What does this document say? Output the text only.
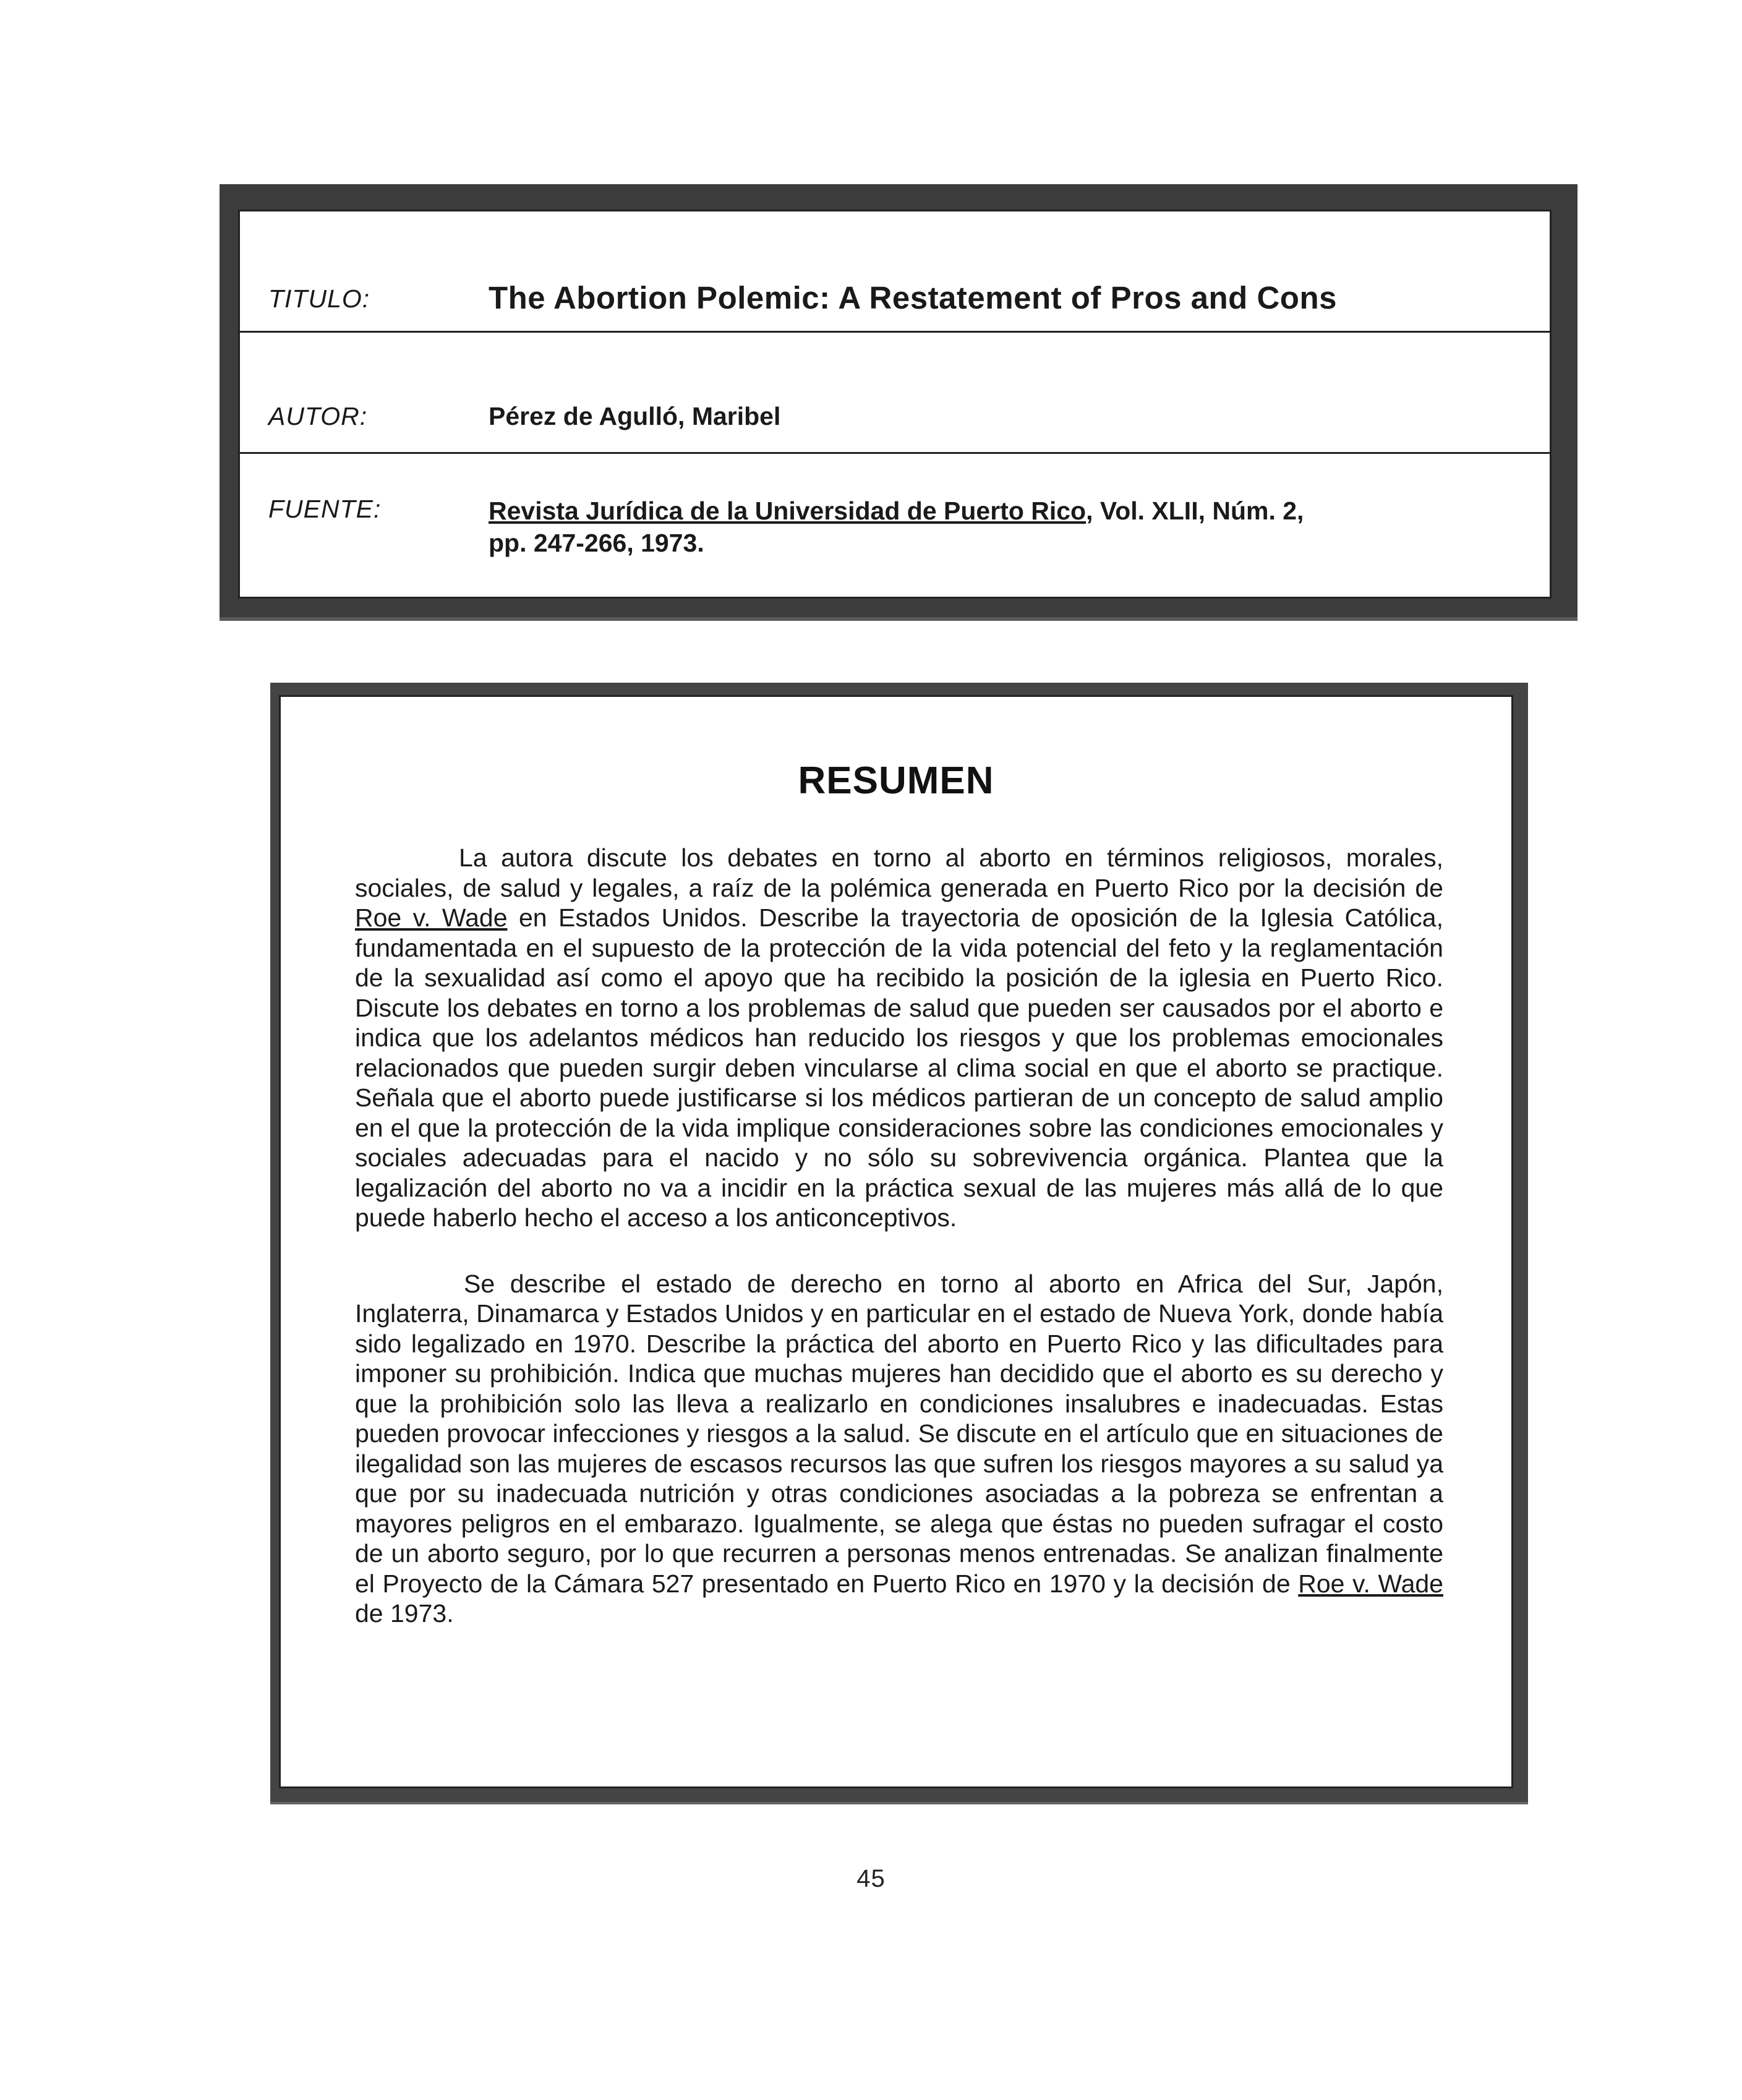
TITULO:	The Abortion Polemic: A Restatement of Pros and Cons
AUTOR:	Pérez de Agulló, Maribel
FUENTE:	Revista Jurídica de la Universidad de Puerto Rico, Vol. XLII, Núm. 2,
pp. 247-266, 1973.
RESUMEN

La autora discute los debates en torno al aborto en términos religiosos, morales, sociales, de salud y legales, a raíz de la polémica generada en Puerto Rico por la decisión de Roe v. Wade en Estados Unidos. Describe la trayectoria de oposición de la Iglesia Católica, fundamentada en el supuesto de la protección de la vida potencial del feto y la reglamentación de la sexualidad así como el apoyo que ha recibido la posición de la iglesia en Puerto Rico. Discute los debates en torno a los problemas de salud que pueden ser causados por el aborto e indica que los adelantos médicos han reducido los riesgos y que los problemas emocionales relacionados que pueden surgir deben vincularse al clima social en que el aborto se practique. Señala que el aborto puede justificarse si los médicos partieran de un concepto de salud amplio en el que la protección de la vida implique consideraciones sobre las condiciones emocionales y sociales adecuadas para el nacido y no sólo su sobrevivencia orgánica. Plantea que la legalización del aborto no va a incidir en la práctica sexual de las mujeres más allá de lo que puede haberlo hecho el acceso a los anticonceptivos.

Se describe el estado de derecho en torno al aborto en Africa del Sur, Japón, Inglaterra, Dinamarca y Estados Unidos y en particular en el estado de Nueva York, donde había sido legalizado en 1970. Describe la práctica del aborto en Puerto Rico y las dificultades para imponer su prohibición. Indica que muchas mujeres han decidido que el aborto es su derecho y que la prohibición solo las lleva a realizarlo en condiciones insalubres e inadecuadas. Estas pueden provocar infecciones y riesgos a la salud. Se discute en el artículo que en situaciones de ilegalidad son las mujeres de escasos recursos las que sufren los riesgos mayores a su salud ya que por su inadecuada nutrición y otras condiciones asociadas a la pobreza se enfrentan a mayores peligros en el embarazo. Igualmente, se alega que éstas no pueden sufragar el costo de un aborto seguro, por lo que recurren a personas menos entrenadas. Se analizan finalmente el Proyecto de la Cámara 527 presentado en Puerto Rico en 1970 y la decisión de Roe v. Wade de 1973.

45
